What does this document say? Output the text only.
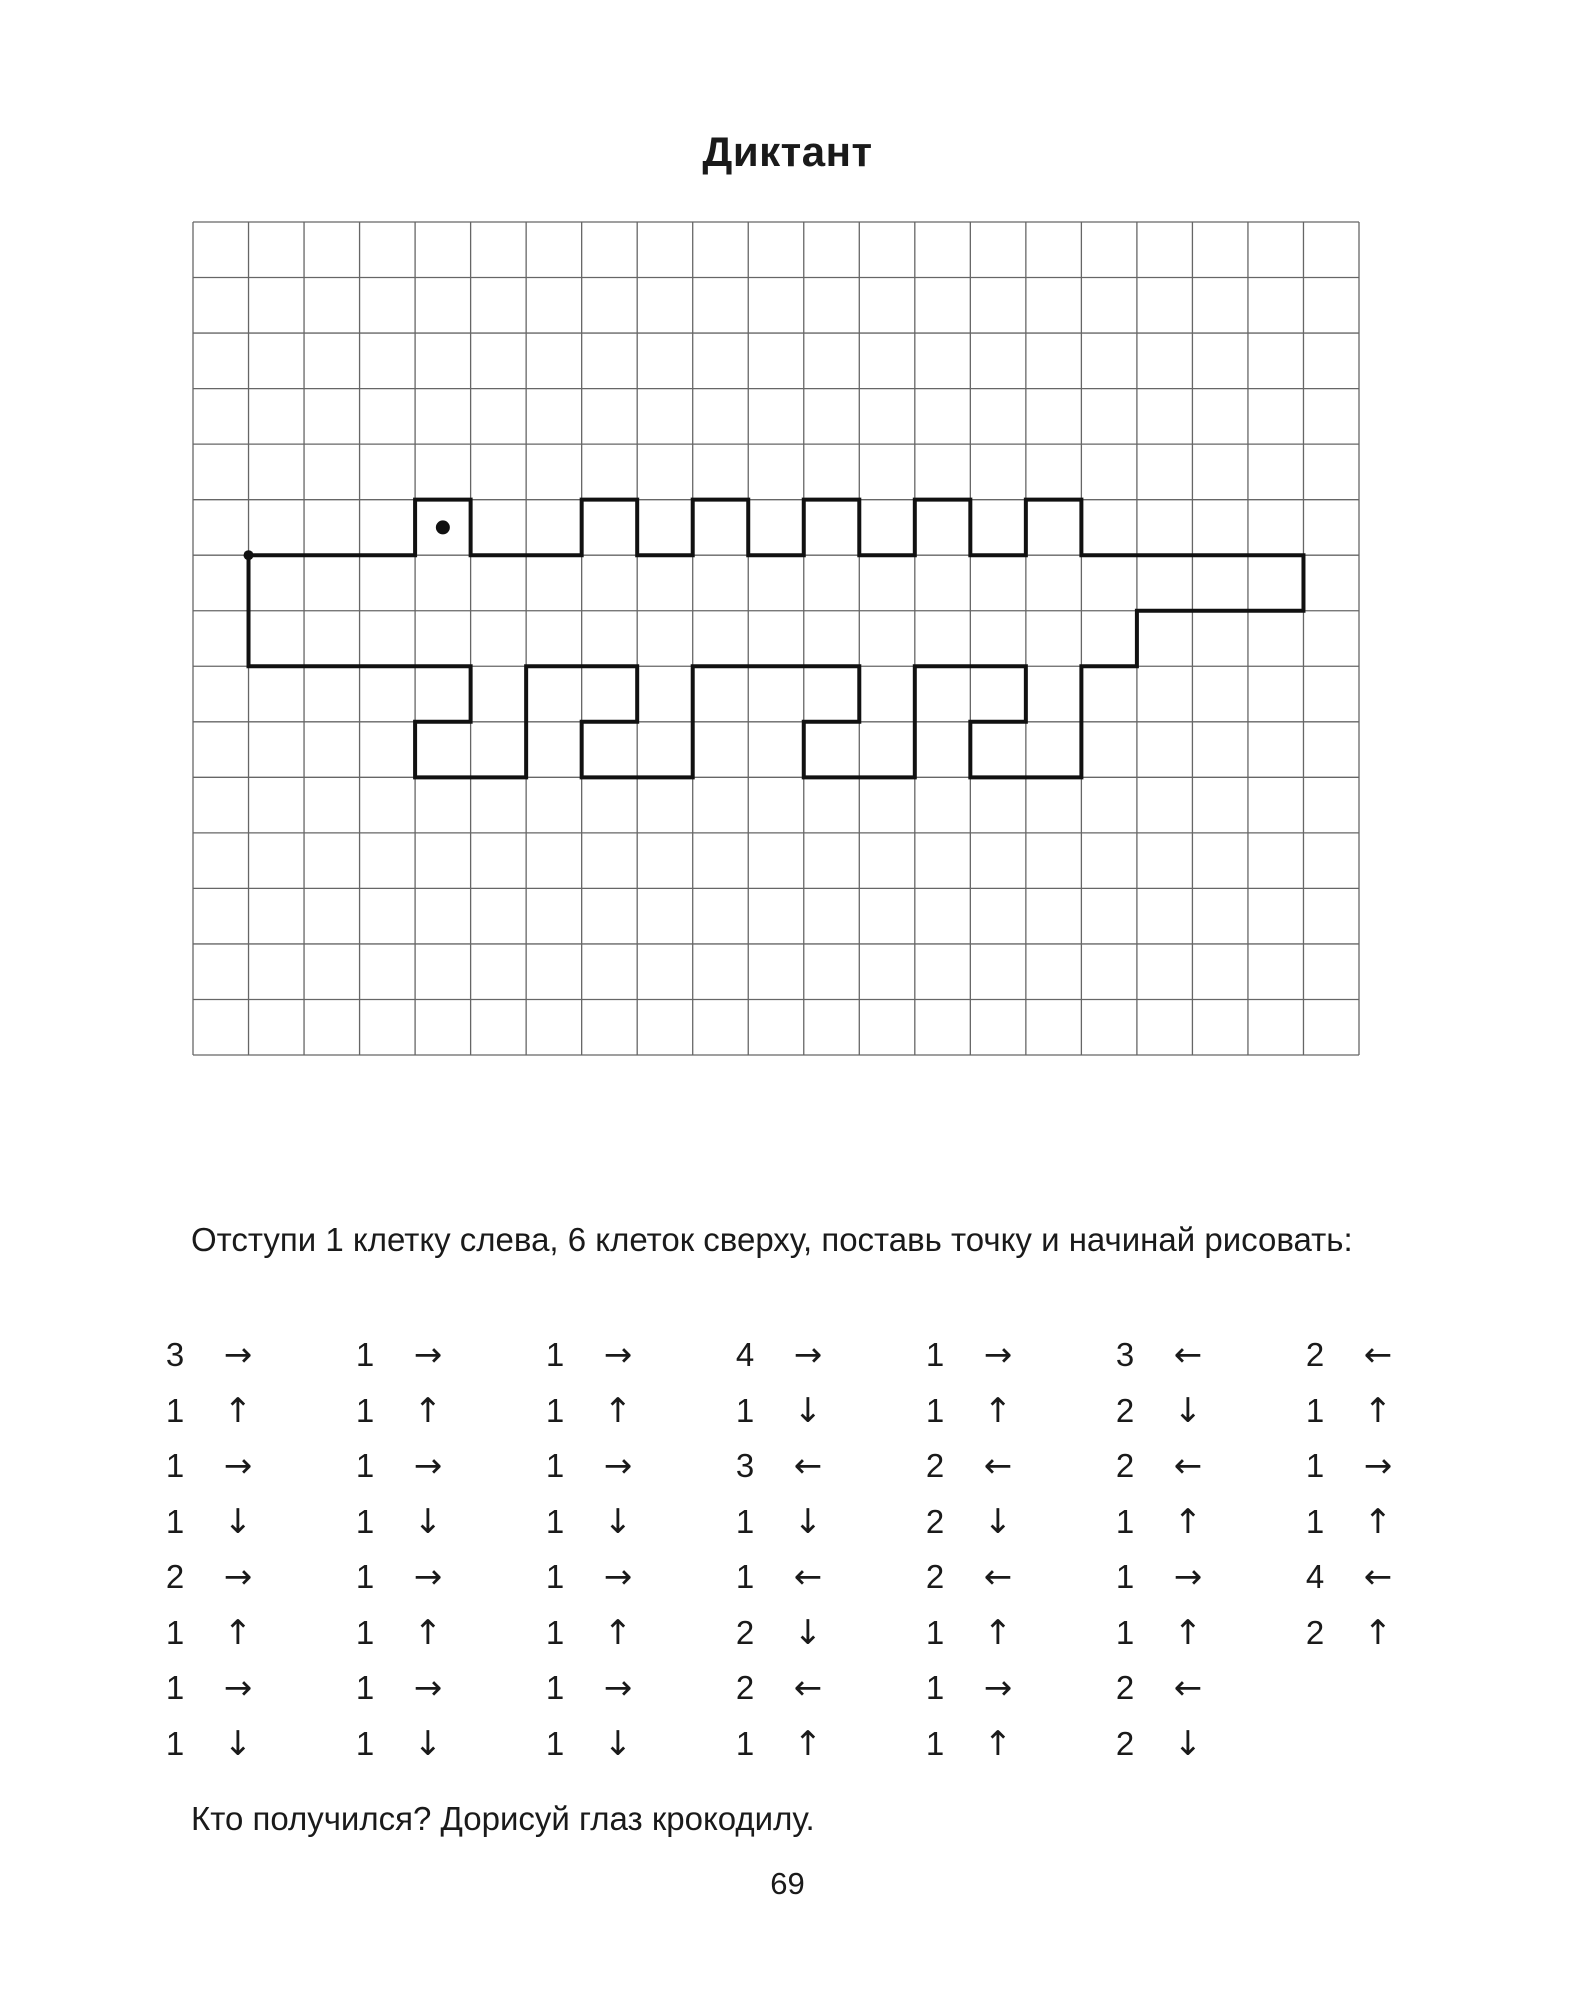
Диктант
Отступи 1 клетку слева, 6 клеток сверху, поставь точку и начинай рисовать:
3 →
1 ↑
1 →
1 ↓
2 →
1 ↑
1 →
1 ↓
1 →
1 ↑
1 →
1 ↓
1 →
1 ↑
1 →
1 ↓
1 →
1 ↑
1 →
1 ↓
1 →
1 ↑
1 →
1 ↓
4 →
1 ↓
3 ←
1 ↓
1 ←
2 ↓
2 ←
1 ↑
1 →
1 ↑
2 ←
2 ↓
2 ←
1 ↑
1 →
1 ↑
3 ←
2 ↓
2 ←
1 ↑
1 →
1 ↑
2 ←
2 ↓
2 ←
1 ↑
1 →
1 ↑
4 ←
2 ↑
Кто получился? Дорисуй глаз крокодилу.
69
